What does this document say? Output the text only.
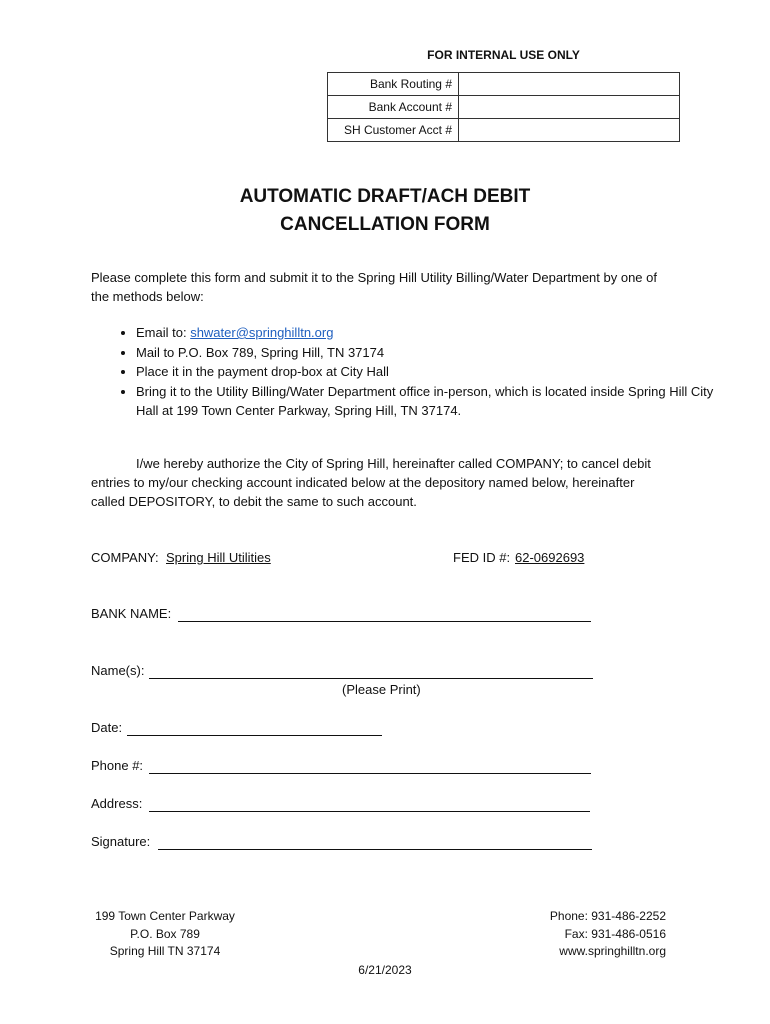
FOR INTERNAL USE ONLY
Bank Routing #	
Bank Account #	
SH Customer Acct #	
AUTOMATIC DRAFT/ACH DEBIT
CANCELLATION FORM
Please complete this form and submit it to the Spring Hill Utility Billing/Water Department by one of the methods below:
• Email to: shwater@springhilltn.org
• Mail to P.O. Box 789, Spring Hill, TN 37174
• Place it in the payment drop-box at City Hall
• Bring it to the Utility Billing/Water Department office in-person, which is located inside Spring Hill City Hall at 199 Town Center Parkway, Spring Hill, TN 37174.
I/we hereby authorize the City of Spring Hill, hereinafter called COMPANY; to cancel debit entries to my/our checking account indicated below at the depository named below, hereinafter called DEPOSITORY, to debit the same to such account.
COMPANY: Spring Hill Utilities	FED ID #: 62-0692693
BANK NAME:
Name(s):
(Please Print)
Date:
Phone #:
Address:
Signature:
199 Town Center Parkway
P.O. Box 789
Spring Hill TN 37174
Phone: 931-486-2252
Fax: 931-486-0516
www.springhilltn.org
6/21/2023
